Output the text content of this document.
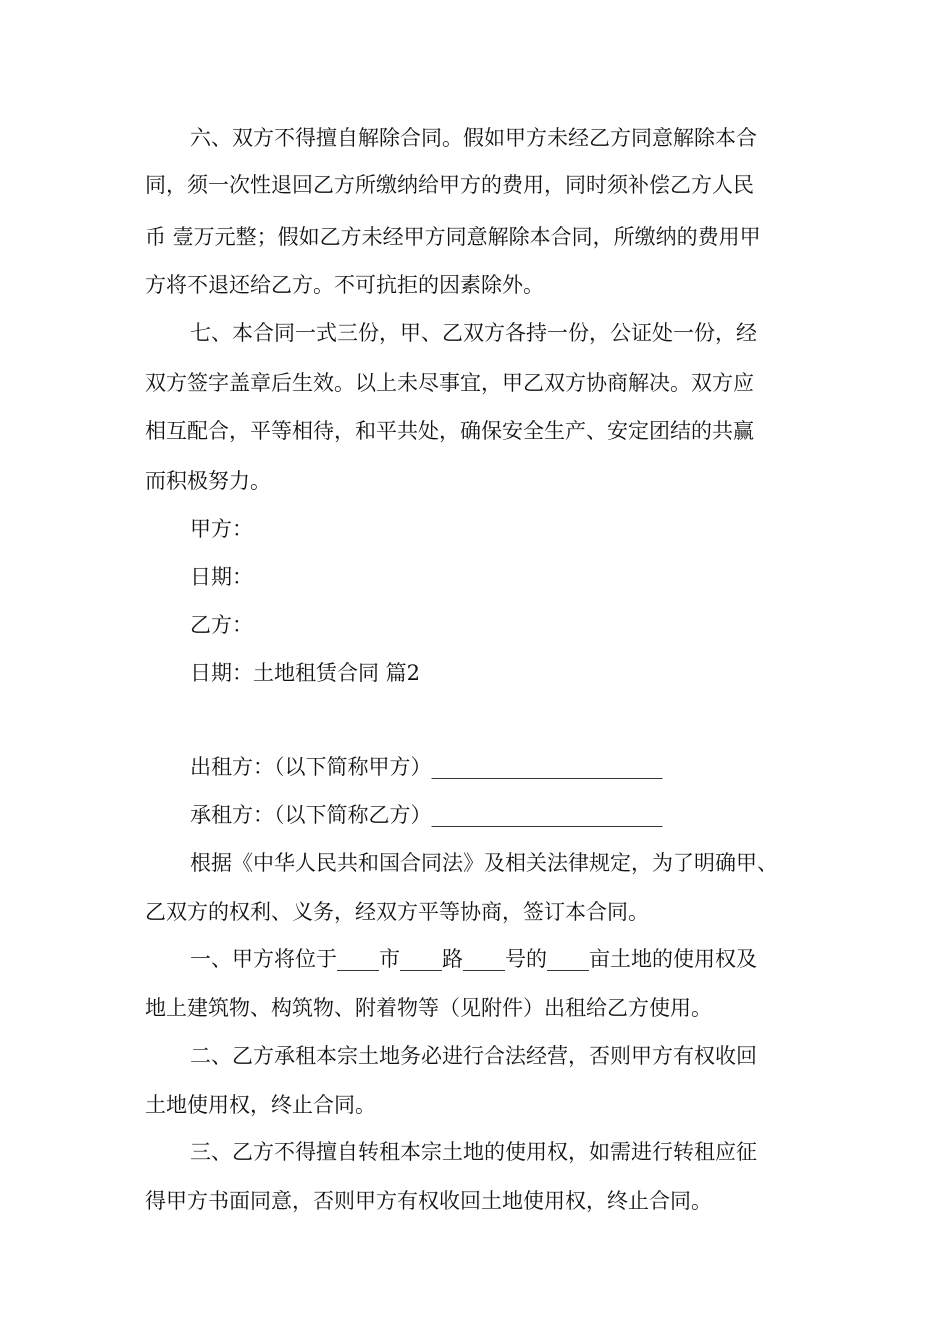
六、双方不得擅自解除合同。假如甲方未经乙方同意解除本合
同，须一次性退回乙方所缴纳给甲方的费用，同时须补偿乙方人民
币 壹万元整；假如乙方未经甲方同意解除本合同，所缴纳的费用甲
方将不退还给乙方。不可抗拒的因素除外。
七、本合同一式三份，甲、乙双方各持一份，公证处一份，经
双方签字盖章后生效。以上未尽事宜，甲乙双方协商解决。双方应
相互配合，平等相待，和平共处，确保安全生产、安定团结的共赢
而积极努力。
甲方：
日期：
乙方：
日期：土地租赁合同 篇2
出租方：（以下简称甲方）______________________
承租方：（以下简称乙方）______________________
根据《中华人民共和国合同法》及相关法律规定，为了明确甲、
乙双方的权利、义务，经双方平等协商，签订本合同。
一、甲方将位于____市____路____号的____亩土地的使用权及
地上建筑物、构筑物、附着物等（见附件）出租给乙方使用。
二、乙方承租本宗土地务必进行合法经营，否则甲方有权收回
土地使用权，终止合同。
三、乙方不得擅自转租本宗土地的使用权，如需进行转租应征
得甲方书面同意，否则甲方有权收回土地使用权，终止合同。
